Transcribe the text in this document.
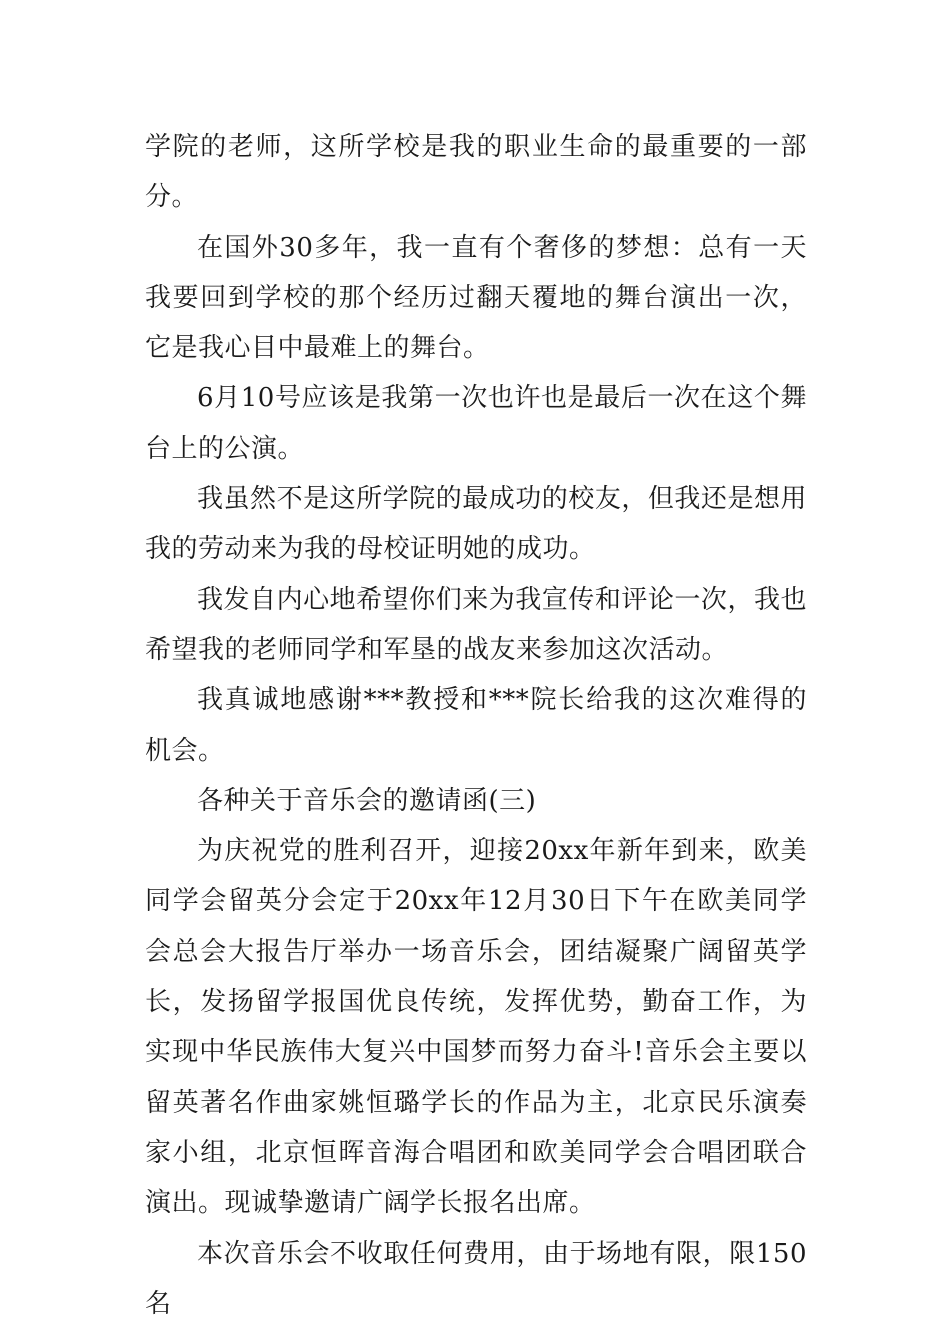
学院的老师，这所学校是我的职业生命的最重要的一部分。

在国外30多年，我一直有个奢侈的梦想：总有一天我要回到学校的那个经历过翻天覆地的舞台演出一次，它是我心目中最难上的舞台。

6月10号应该是我第一次也许也是最后一次在这个舞台上的公演。

我虽然不是这所学院的最成功的校友，但我还是想用我的劳动来为我的母校证明她的成功。

我发自内心地希望你们来为我宣传和评论一次，我也希望我的老师同学和军垦的战友来参加这次活动。

我真诚地感谢***教授和***院长给我的这次难得的机会。

各种关于音乐会的邀请函(三)

为庆祝党的胜利召开，迎接20xx年新年到来，欧美同学会留英分会定于20xx年12月30日下午在欧美同学会总会大报告厅举办一场音乐会，团结凝聚广阔留英学长，发扬留学报国优良传统，发挥优势，勤奋工作，为实现中华民族伟大复兴中国梦而努力奋斗!音乐会主要以留英著名作曲家姚恒璐学长的作品为主，北京民乐演奏家小组，北京恒晖音海合唱团和欧美同学会合唱团联合演出。现诚挚邀请广阔学长报名出席。

本次音乐会不收取任何费用，由于场地有限，限150名
